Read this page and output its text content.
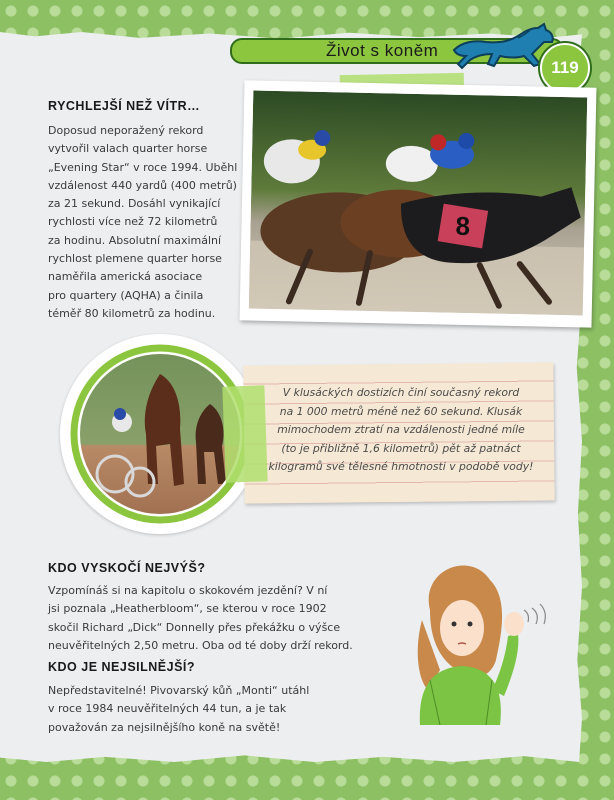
Život s koněm
119
RYCHLEJŠÍ NEŽ VÍTR…

Doposud neporažený rekord
vytvořil valach quarter horse
„Evening Star“ v roce 1994. Uběhl
vzdálenost 440 yardů (400 metrů)
za 21 sekund. Dosáhl vynikající
rychlosti více než 72 kilometrů
za hodinu. Absolutní maximální
rychlost plemene quarter horse
naměřila americká asociace
pro quartery (AQHA) a činila
téměř 80 kilometrů za hodinu.

8
V klusáckých dostizích činí současný rekord
na 1 000 metrů méně než 60 sekund. Klusák
mimochodem ztratí na vzdálenosti jedné míle
(to je přibližně 1,6 kilometrů) pět až patnáct
kilogramů své tělesné hmotnosti v podobě vody!
KDO VYSKOČÍ NEJVÝŠ?

Vzpomínáš si na kapitolu o skokovém jezdění? V ní
jsi poznala „Heatherbloom“, se kterou v roce 1902
skočil Richard „Dick“ Donnelly přes překážku o výšce
neuvěřitelných 2,50 metru. Oba od té doby drží rekord.

KDO JE NEJSILNĚJŠÍ?

Nepředstavitelné! Pivovarský kůň „Monti“ utáhl
v roce 1984 neuvěřitelných 44 tun, a je tak
považován za nejsilnějšího koně na světě!
